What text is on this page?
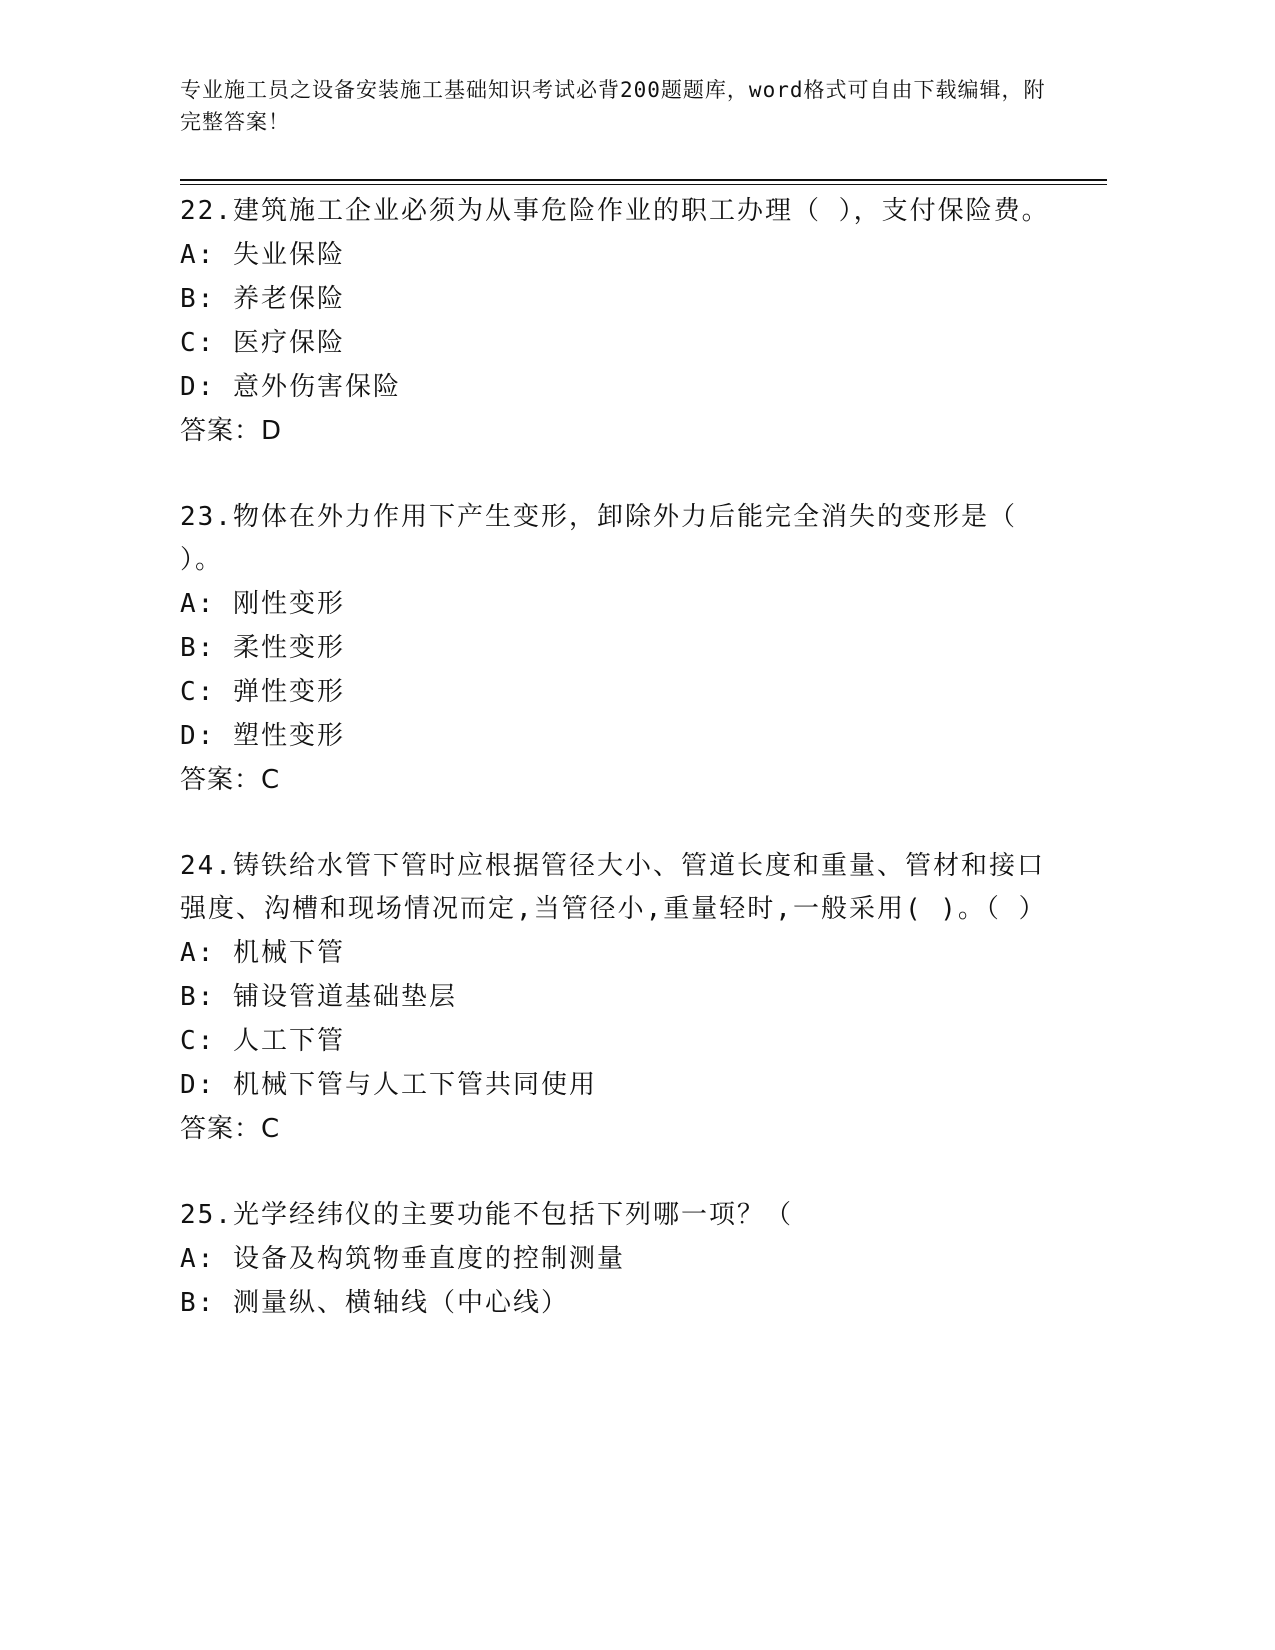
专业施工员之设备安装施工基础知识考试必背200题题库，word格式可自由下载编辑，附完整答案！
22.建筑施工企业必须为从事危险作业的职工办理（ ），支付保险费。
A: 失业保险
B: 养老保险
C: 医疗保险
D: 意外伤害保险
答案：D
23.物体在外力作用下产生变形，卸除外力后能完全消失的变形是（ ）。
A: 刚性变形
B: 柔性变形
C: 弹性变形
D: 塑性变形
答案：C
24.铸铁给水管下管时应根据管径大小、管道长度和重量、管材和接口强度、沟槽和现场情况而定,当管径小,重量轻时,一般采用( )。（ ）
A: 机械下管
B: 铺设管道基础垫层
C: 人工下管
D: 机械下管与人工下管共同使用
答案：C
25.光学经纬仪的主要功能不包括下列哪一项？（
A: 设备及构筑物垂直度的控制测量
B: 测量纵、横轴线（中心线）
